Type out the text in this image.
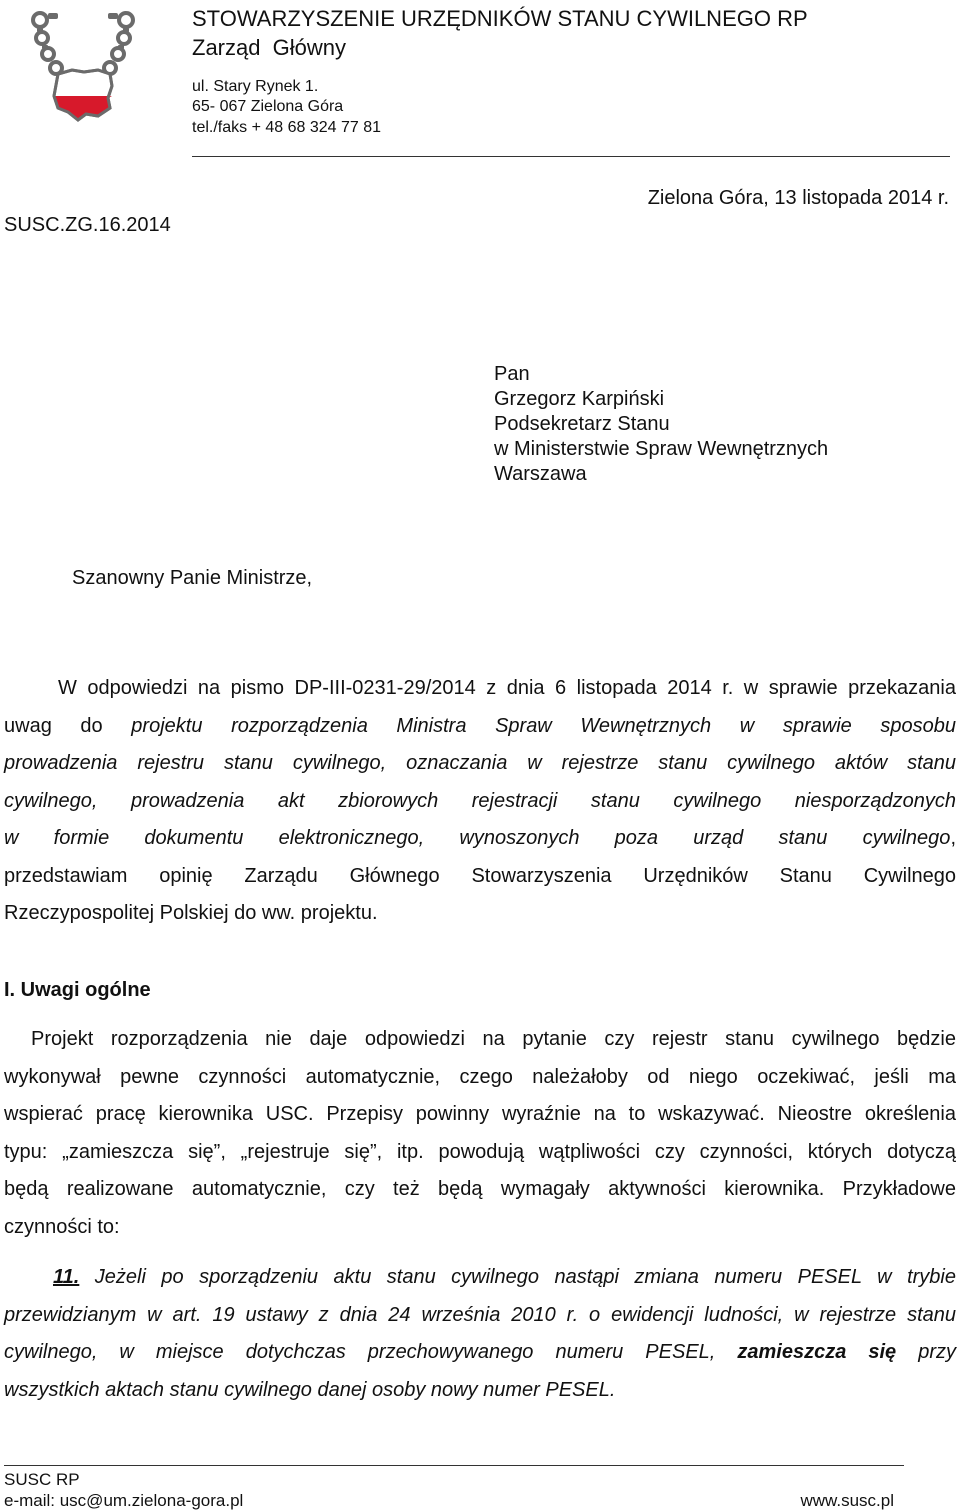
STOWARZYSZENIE URZĘDNIKÓW STANU CYWILNEGO RP
Zarząd Główny
ul. Stary Rynek 1.
65- 067 Zielona Góra
tel./faks + 48 68 324 77 81
Zielona Góra, 13 listopada 2014 r.
SUSC.ZG.16.2014
Pan
Grzegorz Karpiński
Podsekretarz Stanu
w Ministerstwie Spraw Wewnętrznych
Warszawa
Szanowny Panie Ministrze,
W odpowiedzi na pismo DP-III-0231-29/2014 z dnia 6 listopada 2014 r. w sprawie przekazania
uwag do projektu rozporządzenia Ministra Spraw Wewnętrznych w sprawie sposobu
prowadzenia rejestru stanu cywilnego, oznaczania w rejestrze stanu cywilnego aktów stanu
cywilnego, prowadzenia akt zbiorowych rejestracji stanu cywilnego niesporządzonych
w formie dokumentu elektronicznego, wynoszonych poza urząd stanu cywilnego,
przedstawiam opinię Zarządu Głównego Stowarzyszenia Urzędników Stanu Cywilnego
Rzeczypospolitej Polskiej do ww. projektu.
I. Uwagi ogólne
Projekt rozporządzenia nie daje odpowiedzi na pytanie czy rejestr stanu cywilnego będzie
wykonywał pewne czynności automatycznie, czego należałoby od niego oczekiwać, jeśli ma
wspierać pracę kierownika USC. Przepisy powinny wyraźnie na to wskazywać. Nieostre określenia
typu: „zamieszcza się”, „rejestruje się”, itp. powodują wątpliwości czy czynności, których dotyczą
będą realizowane automatycznie, czy też będą wymagały aktywności kierownika. Przykładowe
czynności to:
11. Jeżeli po sporządzeniu aktu stanu cywilnego nastąpi zmiana numeru PESEL w trybie
przewidzianym w art. 19 ustawy z dnia 24 września 2010 r. o ewidencji ludności, w rejestrze stanu
cywilnego, w miejsce dotychczas przechowywanego numeru PESEL, zamieszcza się przy
wszystkich aktach stanu cywilnego danej osoby nowy numer PESEL.
SUSC RP
e-mail: usc@um.zielona-gora.pl	www.susc.pl
